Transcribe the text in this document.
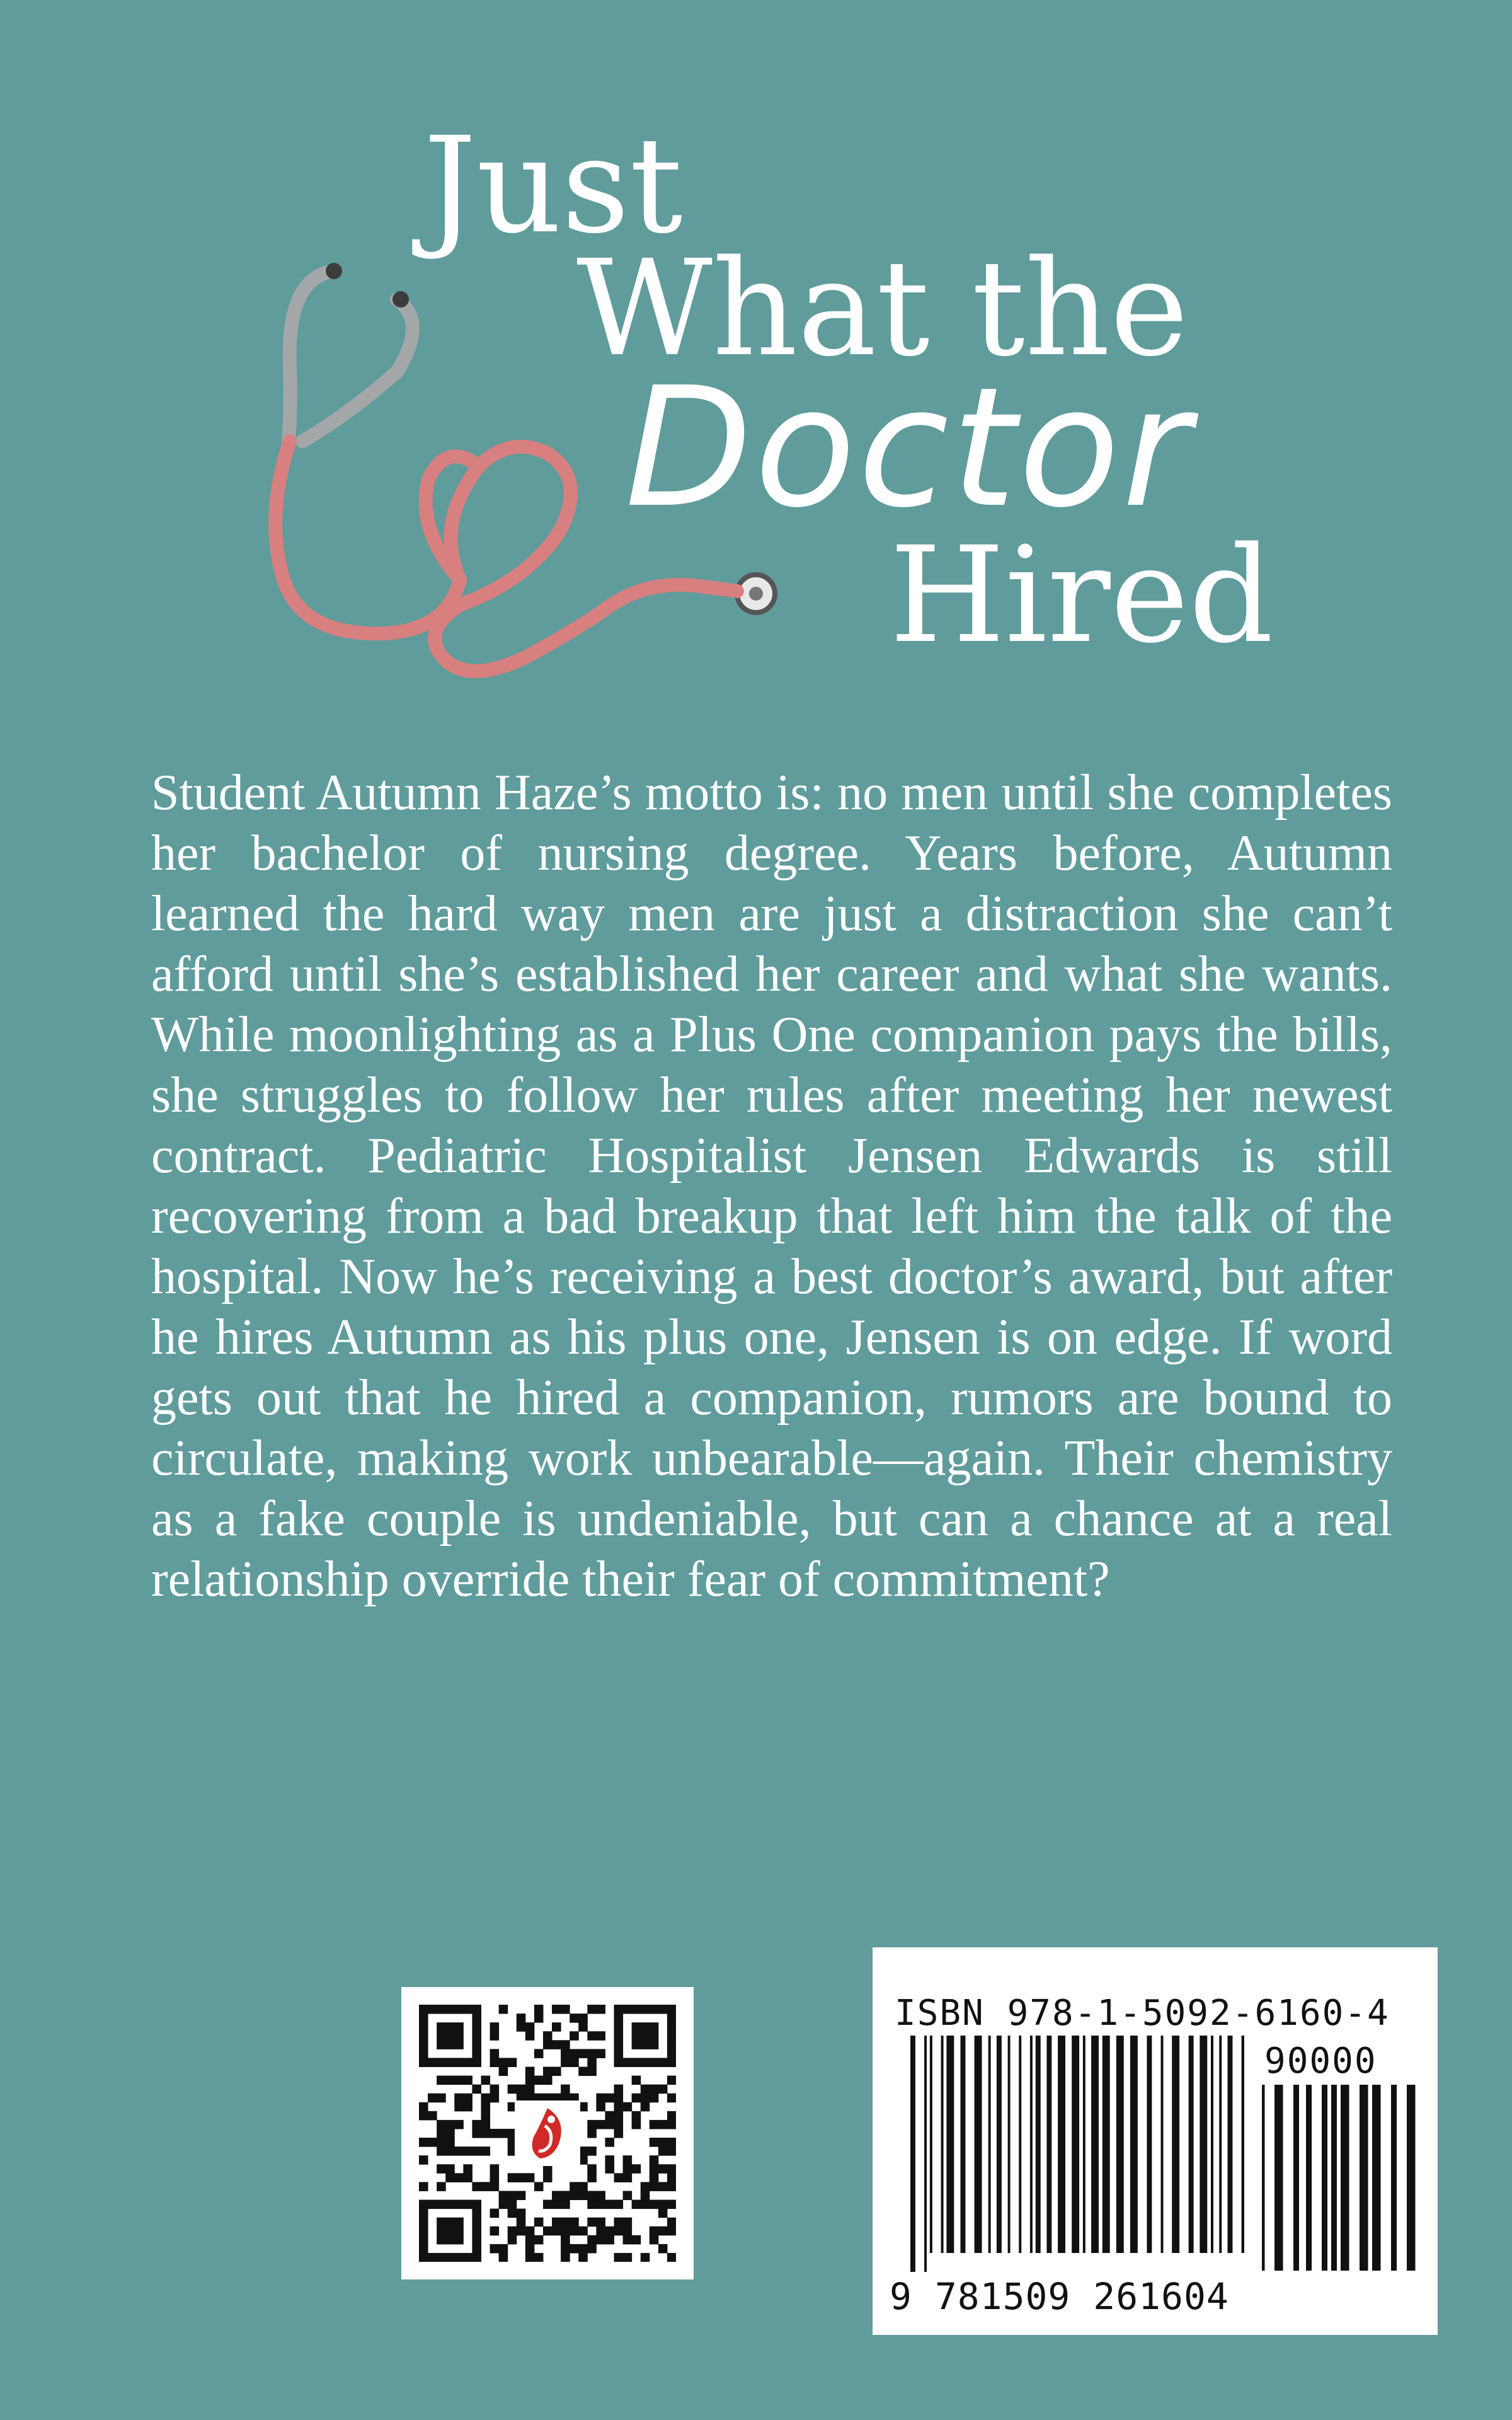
Just
What the
Doctor
Hired

Student Autumn Haze’s motto is: no men until she completes her bachelor of nursing degree. Years before, Autumn learned the hard way men are just a distraction she can’t afford until she’s established her career and what she wants. While moonlighting as a Plus One companion pays the bills, she struggles to follow her rules after meeting her newest contract. Pediatric Hospitalist Jensen Edwards is still recovering from a bad breakup that left him the talk of the hospital. Now he’s receiving a best doctor’s award, but after he hires Autumn as his plus one, Jensen is on edge. If word gets out that he hired a companion, rumors are bound to circulate, making work unbearable—again. Their chemistry as a fake couple is undeniable, but can a chance at a real relationship override their fear of commitment?

ISBN 978-1-5092-6160-4
90000
9 781509 261604
